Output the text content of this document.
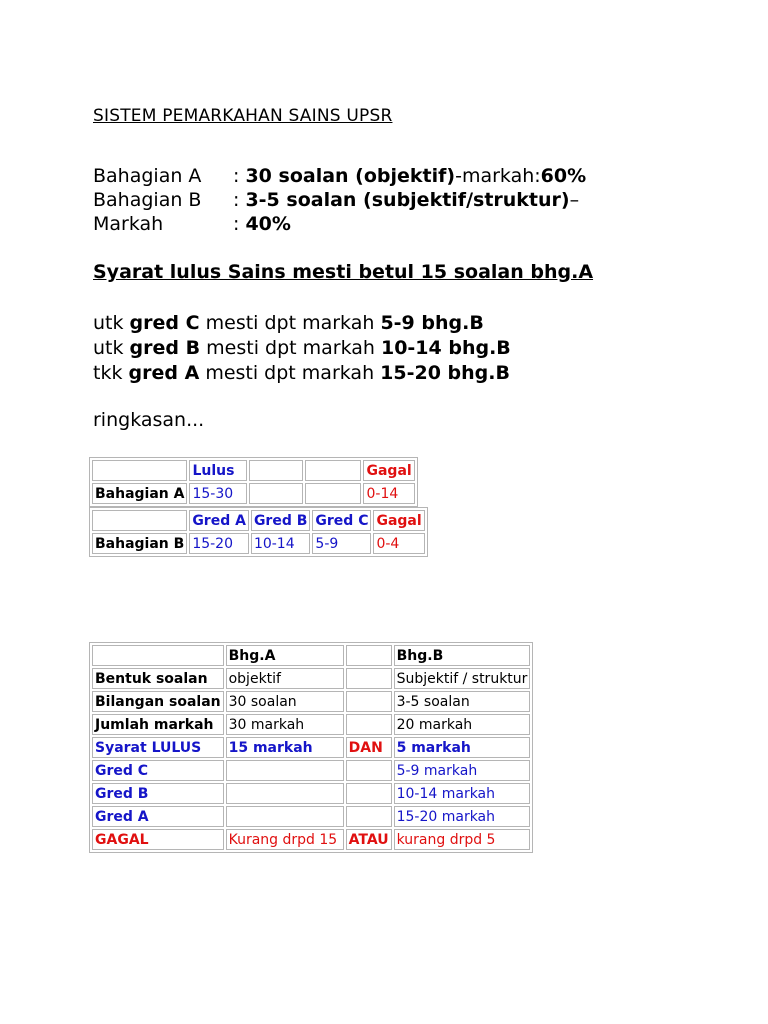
SISTEM PEMARKAHAN SAINS UPSR
Bahagian A	:
30 soalan (objektif) -markah: 60%
Bahagian B	:
3-5 soalan (subjektif/struktur) –
Markah	:
40%
Syarat lulus Sains mesti betul 15 soalan bhg.A
utk gred C mesti dpt markah 5-9 bhg.B
utk gred B mesti dpt markah 10-14 bhg.B
tkk gred A mesti dpt markah 15-20 bhg.B
ringkasan...
	Lulus			Gagal
Bahagian A	15-30			0-14
	Gred A	Gred B	Gred C	Gagal
Bahagian B	15-20	10-14	5-9	0-4
	Bhg.A		Bhg.B
Bentuk soalan	objektif		Subjektif / struktur
Bilangan soalan	30 soalan		3-5 soalan
Jumlah markah	30 markah		20 markah
Syarat LULUS	15 markah	DAN	5 markah
Gred C			5-9 markah
Gred B			10-14 markah
Gred A			15-20 markah
GAGAL	Kurang drpd 15	ATAU	kurang drpd 5
